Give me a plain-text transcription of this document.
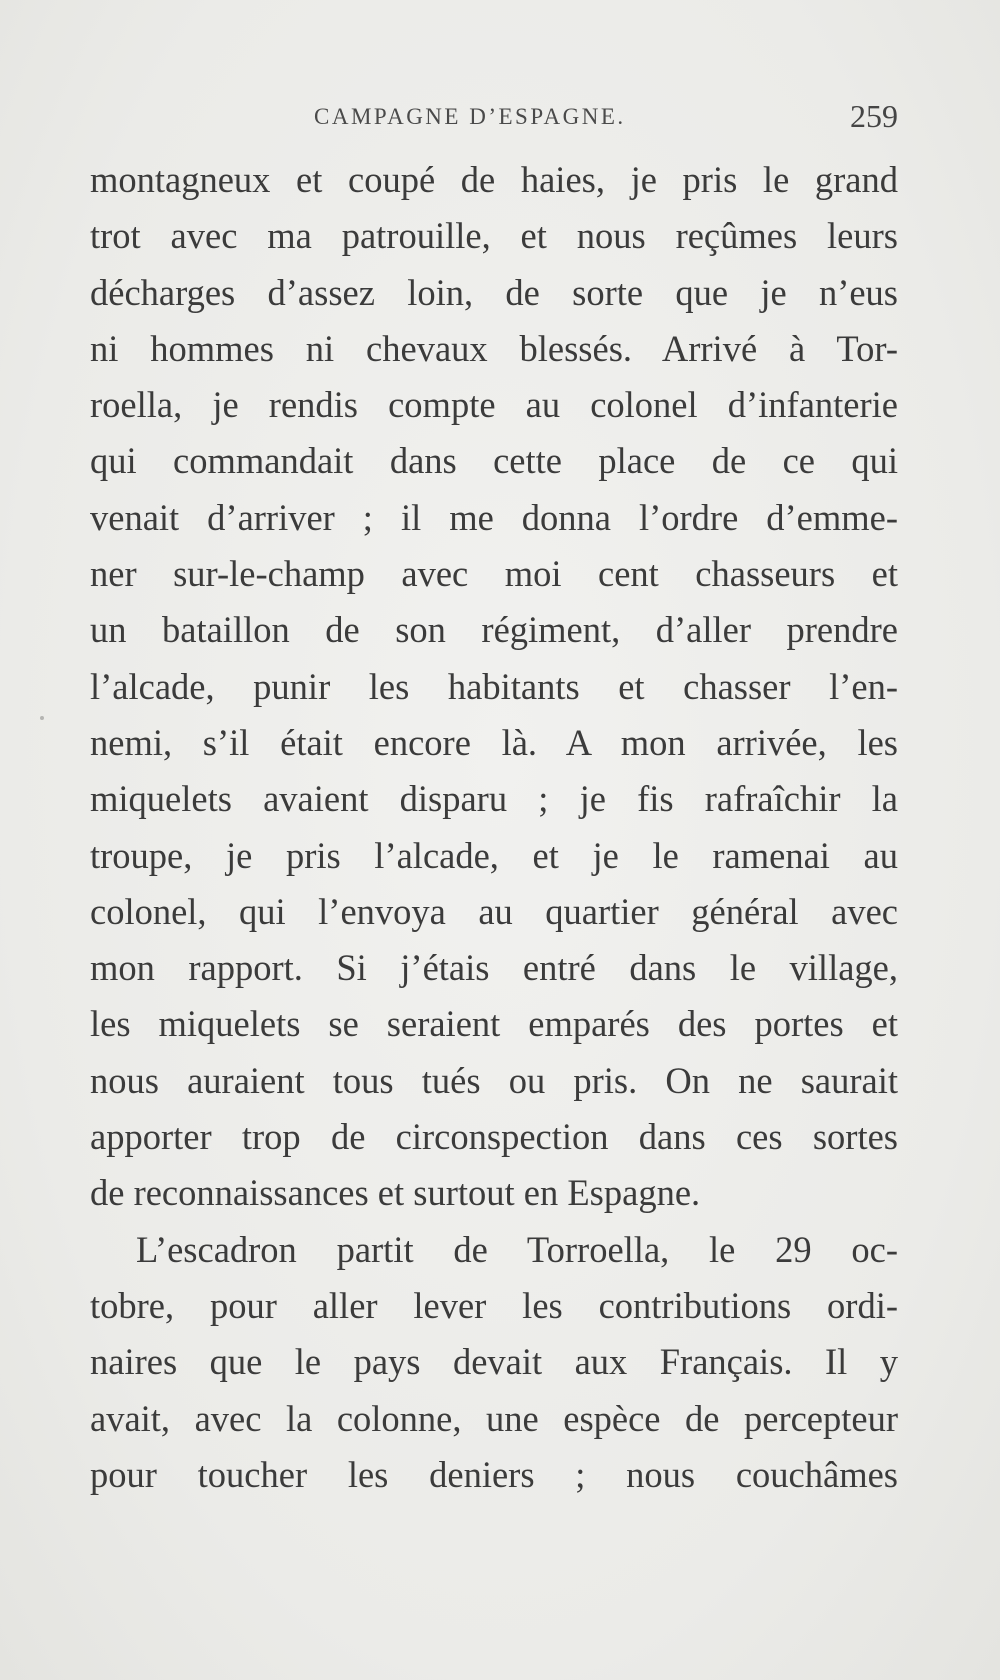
CAMPAGNE D’ESPAGNE.	259
montagneux et coupé de haies, je pris le grand
trot avec ma patrouille, et nous reçûmes leurs
décharges d’assez loin, de sorte que je n’eus
ni hommes ni chevaux blessés. Arrivé à Tor-
roella, je rendis compte au colonel d’infanterie
qui commandait dans cette place de ce qui
venait d’arriver ; il me donna l’ordre d’emme-
ner sur-le-champ avec moi cent chasseurs et
un bataillon de son régiment, d’aller prendre
l’alcade, punir les habitants et chasser l’en-
nemi, s’il était encore là. A mon arrivée, les
miquelets avaient disparu ; je fis rafraîchir la
troupe, je pris l’alcade, et je le ramenai au
colonel, qui l’envoya au quartier général avec
mon rapport. Si j’étais entré dans le village,
les miquelets se seraient emparés des portes et
nous auraient tous tués ou pris. On ne saurait
apporter trop de circonspection dans ces sortes
de reconnaissances et surtout en Espagne.
L’escadron partit de Torroella, le 29 oc-
tobre, pour aller lever les contributions ordi-
naires que le pays devait aux Français. Il y
avait, avec la colonne, une espèce de percepteur
pour toucher les deniers ; nous couchâmes
